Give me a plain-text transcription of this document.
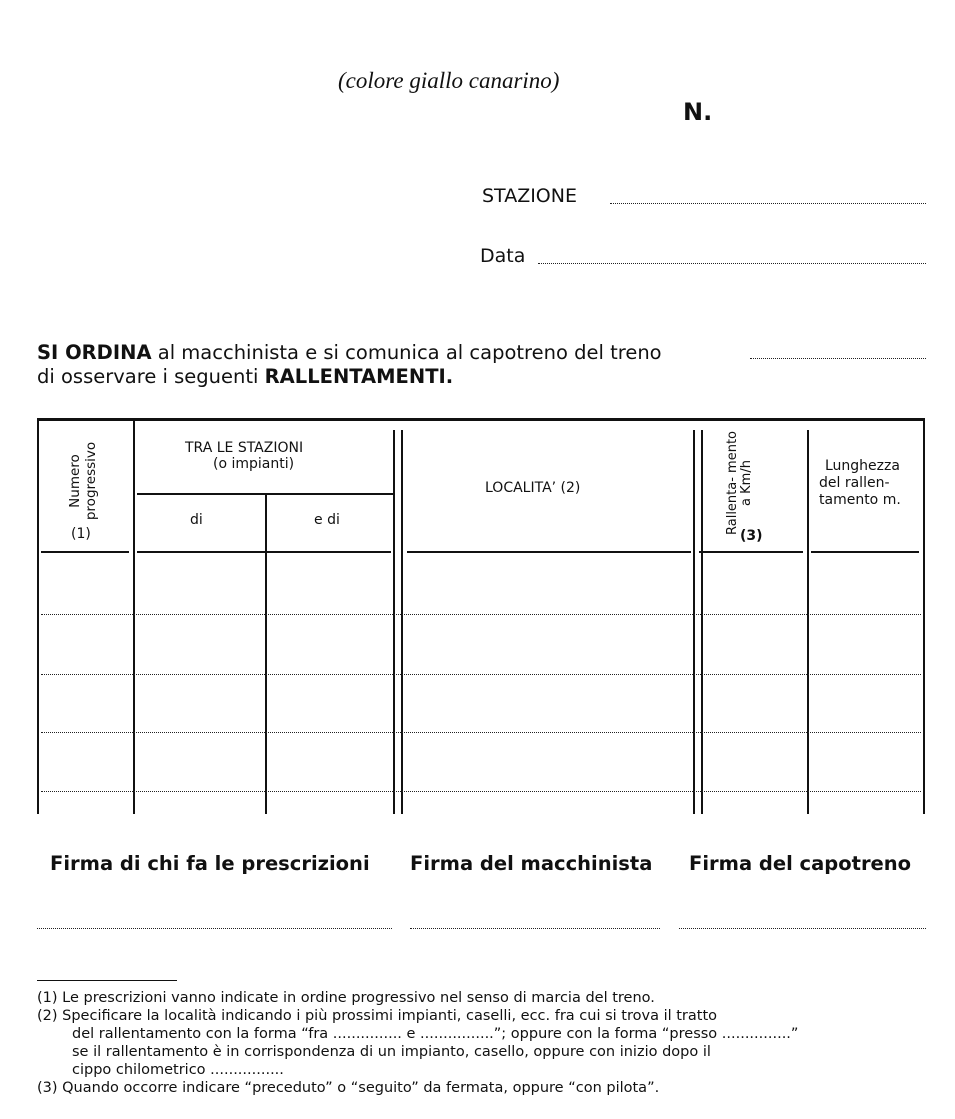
(colore giallo canarino)
N.
STAZIONE
Data
SI ORDINA al macchinista e si comunica al capotreno del treno
di osservare i seguenti RALLENTAMENTI.
Numero progressivo
(1)
TRA LE STAZIONI
(o impianti)
di	e di
LOCALITA’ (2)	Rallenta- mento a Km/h
(3)
Lunghezza
del rallen-
tamento m.
Firma di chi fa le prescrizioni Firma del macchinista Firma del capotreno
(1) Le prescrizioni vanno indicate in ordine progressivo nel senso di marcia del treno.
(2) Specificare la località indicando i più prossimi impianti, caselli, ecc. fra cui si trova il tratto
del rallentamento con la forma “fra ............... e ................”; oppure con la forma “presso ...............”
se il rallentamento è in corrispondenza di un impianto, casello, oppure con inizio dopo il
cippo chilometrico ................
(3) Quando occorre indicare “preceduto” o “seguito” da fermata, oppure “con pilota”.
